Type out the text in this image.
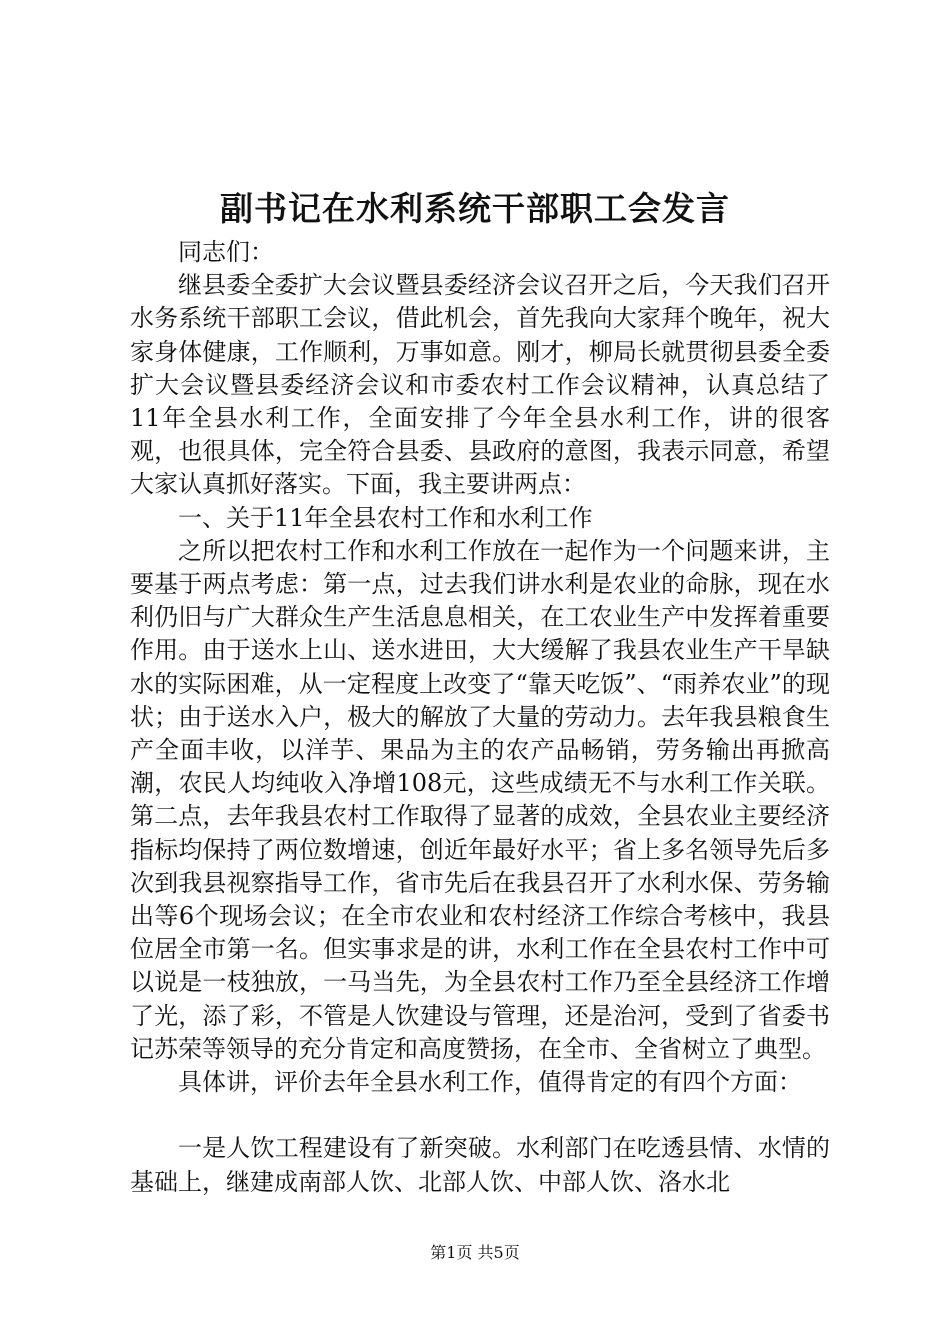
副书记在水利系统干部职工会发言

同志们：

继县委全委扩大会议暨县委经济会议召开之后，今天我们召开水务系统干部职工会议，借此机会，首先我向大家拜个晚年，祝大家身体健康，工作顺利，万事如意。刚才，柳局长就贯彻县委全委扩大会议暨县委经济会议和市委农村工作会议精神，认真总结了11年全县水利工作，全面安排了今年全县水利工作，讲的很客观，也很具体，完全符合县委、县政府的意图，我表示同意，希望大家认真抓好落实。下面，我主要讲两点：

一、关于11年全县农村工作和水利工作

之所以把农村工作和水利工作放在一起作为一个问题来讲，主要基于两点考虑：第一点，过去我们讲水利是农业的命脉，现在水利仍旧与广大群众生产生活息息相关，在工农业生产中发挥着重要作用。由于送水上山、送水进田，大大缓解了我县农业生产干旱缺水的实际困难，从一定程度上改变了“靠天吃饭”、“雨养农业”的现状；由于送水入户，极大的解放了大量的劳动力。去年我县粮食生产全面丰收，以洋芋、果品为主的农产品畅销，劳务输出再掀高潮，农民人均纯收入净增108元，这些成绩无不与水利工作关联。第二点，去年我县农村工作取得了显著的成效，全县农业主要经济指标均保持了两位数增速，创近年最好水平；省上多名领导先后多次到我县视察指导工作，省市先后在我县召开了水利水保、劳务输出等6个现场会议；在全市农业和农村经济工作综合考核中，我县位居全市第一名。但实事求是的讲，水利工作在全县农村工作中可以说是一枝独放，一马当先，为全县农村工作乃至全县经济工作增了光，添了彩，不管是人饮建设与管理，还是治河，受到了省委书记苏荣等领导的充分肯定和高度赞扬，在全市、全省树立了典型。

具体讲，评价去年全县水利工作，值得肯定的有四个方面：

一是人饮工程建设有了新突破。水利部门在吃透县情、水情的基础上，继建成南部人饮、北部人饮、中部人饮、洛水北

第1页 共5页
